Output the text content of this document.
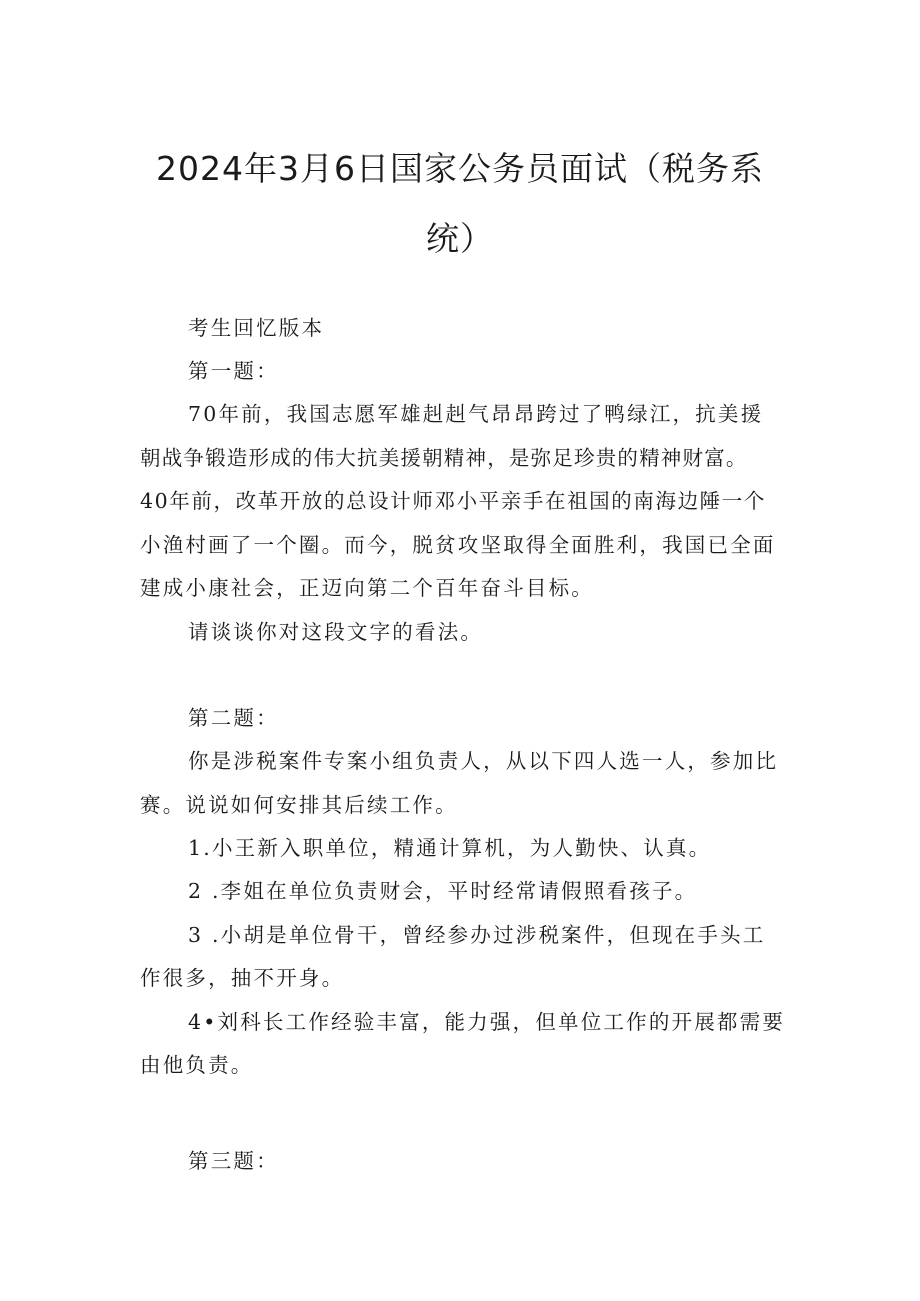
2024年3月6日国家公务员面试（税务系
统）

考生回忆版本

第一题：

70年前，我国志愿军雄赳赳气昂昂跨过了鸭绿江，抗美援

朝战争锻造形成的伟大抗美援朝精神，是弥足珍贵的精神财富。

40年前，改革开放的总设计师邓小平亲手在祖国的南海边陲一个

小渔村画了一个圈。而今，脱贫攻坚取得全面胜利，我国已全面

建成小康社会，正迈向第二个百年奋斗目标。

请谈谈你对这段文字的看法。

第二题：

你是涉税案件专案小组负责人，从以下四人选一人，参加比

赛。说说如何安排其后续工作。

1.小王新入职单位，精通计算机，为人勤快、认真。

2 .李姐在单位负责财会，平时经常请假照看孩子。

3 .小胡是单位骨干，曾经参办过涉税案件，但现在手头工

作很多，抽不开身。

4•刘科长工作经验丰富，能力强，但单位工作的开展都需要

由他负责。

第三题：
